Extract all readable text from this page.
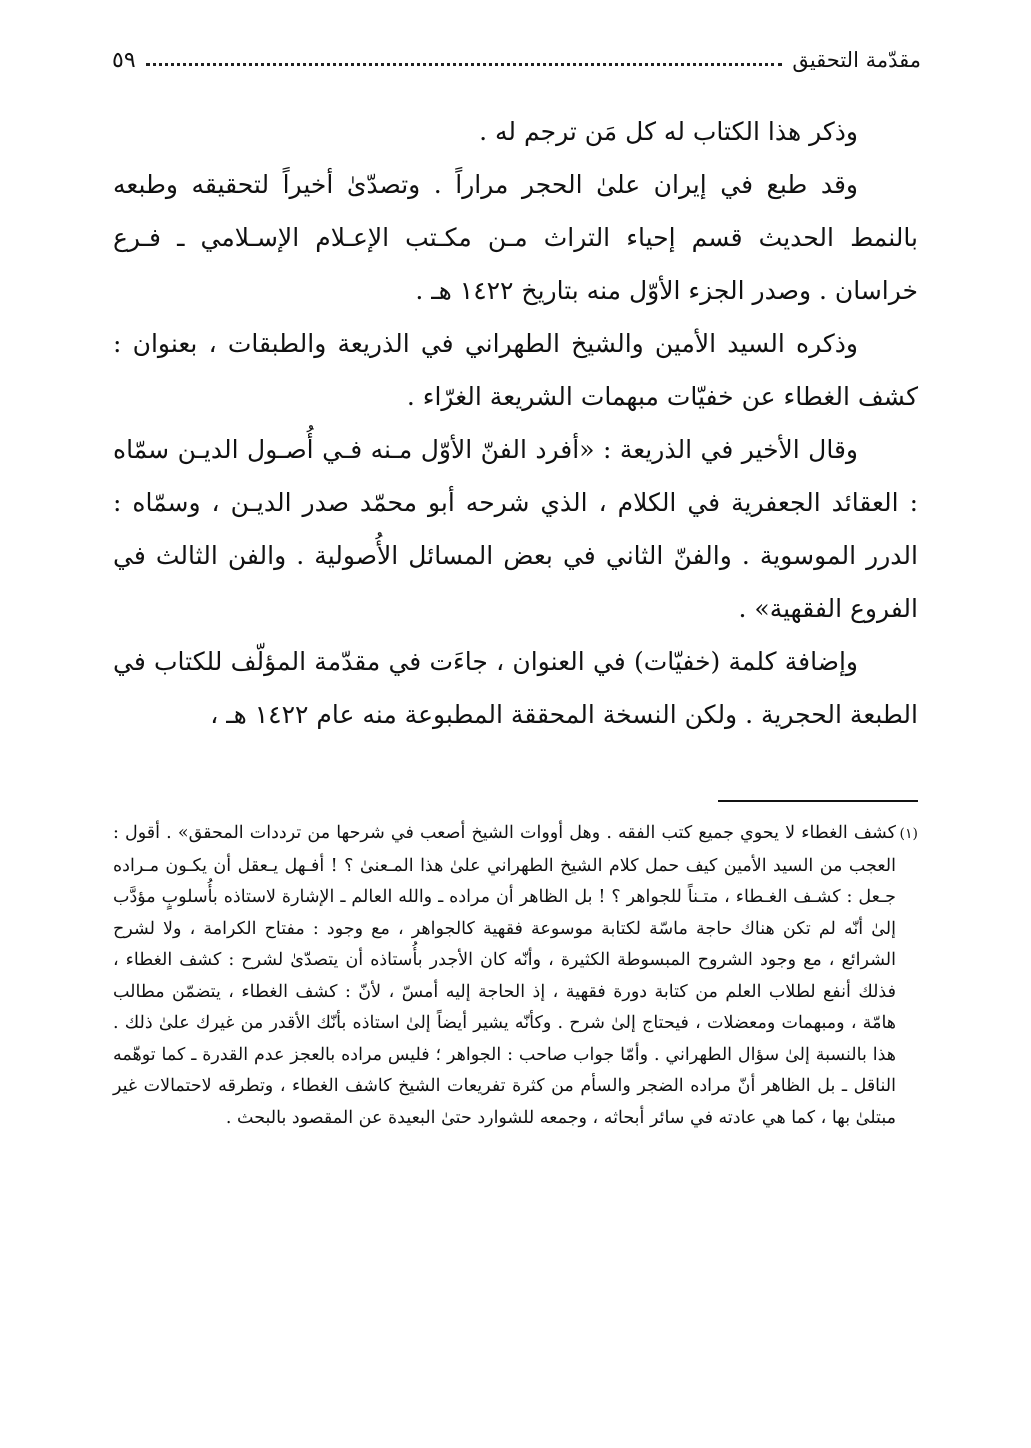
مقدّمة التحقيق
٥٩

وذكر هذا الكتاب له كل مَن ترجم له .

وقد طبع في إيران علىٰ الحجر مراراً . وتصدّىٰ أخيراً لتحقيقه وطبعه بالنمط الحديث قسم إحياء التراث مـن مكـتب الإعـلام الإسـلامي ـ فـرع خراسان . وصدر الجزء الأوّل منه بتاريخ ١٤٢٢ هـ .

وذكره السيد الأمين والشيخ الطهراني في الذريعة والطبقات ، بعنوان : كشف الغطاء عن خفيّات مبهمات الشريعة الغرّاء .

وقال الأخير في الذريعة : «أفرد الفنّ الأوّل مـنه فـي أُصـول الديـن سمّاه : العقائد الجعفرية في الكلام ، الذي شرحه أبو محمّد صدر الديـن ، وسمّاه : الدرر الموسوية . والفنّ الثاني في بعض المسائل الأُصولية . والفن الثالث في الفروع الفقهية» .

وإضافة كلمة (خفيّات) في العنوان ، جاءَت في مقدّمة المؤلّف للكتاب في الطبعة الحجرية . ولكن النسخة المحققة المطبوعة منه عام ١٤٢٢ هـ ،

(١)كشف الغطاء لا يحوي جميع كتب الفقه . وهل أووات الشيخ أصعب في شرحها من ترددات المحقق» . أقول : العجب من السيد الأمين كيف حمل كلام الشيخ الطهراني علىٰ هذا المـعنىٰ ؟ ! أفـهل يـعقل أن يكـون مـراده جـعل : كشـف الغـطاء ، متـناً للجواهر ؟ ! بل الظاهر أن مراده ـ والله العالم ـ الإشارة لاستاذه بأُسلوبٍ مؤدَّب إلىٰ أنّه لم تكن هناك حاجة ماسّة لكتابة موسوعة فقهية كالجواهر ، مع وجود : مفتاح الكرامة ، ولا لشرح الشرائع ، مع وجود الشروح المبسوطة الكثيرة ، وأنّه كان الأجدر بأُستاذه أن يتصدّىٰ لشرح : كشف الغطاء ، فذلك أنفع لطلاب العلم من كتابة دورة فقهية ، إذ الحاجة إليه أمسّ ، لأنّ : كشف الغطاء ، يتضمّن مطالب هامّة ، ومبهمات ومعضلات ، فيحتاج إلىٰ شرح . وكأنّه يشير أيضاً إلىٰ استاذه بأنّك الأقدر من غيرك علىٰ ذلك . هذا بالنسبة إلىٰ سؤال الطهراني . وأمّا جواب صاحب : الجواهر ؛ فليس مراده بالعجز عدم القدرة ـ كما توهّمه الناقل ـ بل الظاهر أنّ مراده الضجر والسأم من كثرة تفريعات الشيخ كاشف الغطاء ، وتطرقه لاحتمالات غير مبتلىٰ بها ، كما هي عادته في سائر أبحاثه ، وجمعه للشوارد حتىٰ البعيدة عن المقصود بالبحث .
